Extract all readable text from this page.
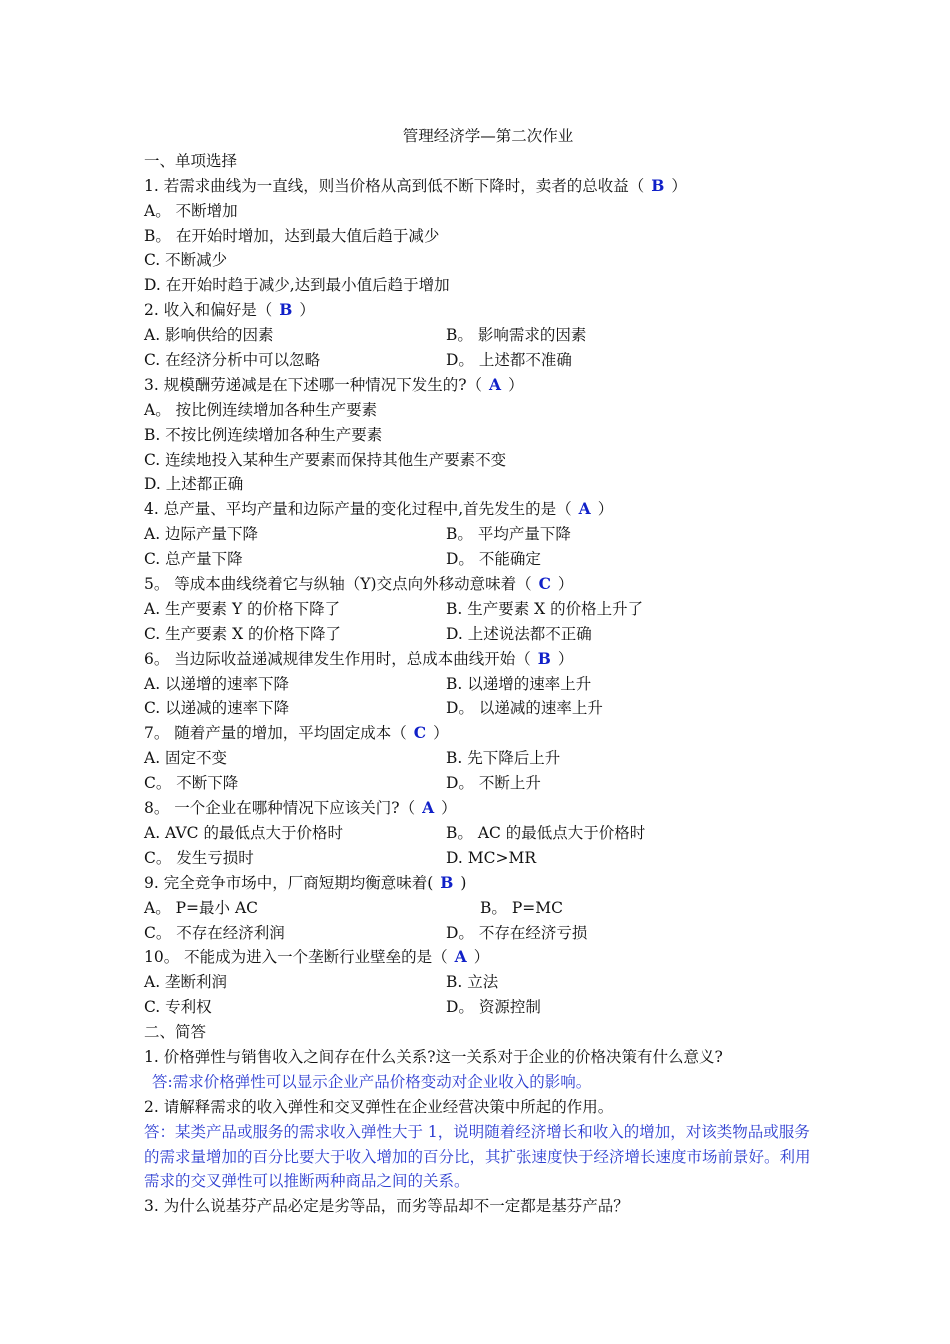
管理经济学—第二次作业
一、单项选择
1. 若需求曲线为一直线，则当价格从高到低不断下降时，卖者的总收益（ B ）
A。 不断增加
B。 在开始时增加，达到最大值后趋于减少
C. 不断减少
D. 在开始时趋于减少,达到最小值后趋于增加
2. 收入和偏好是（ B ）
A. 影响供给的因素	B。 影响需求的因素
C. 在经济分析中可以忽略	D。 上述都不准确
3. 规模酬劳递减是在下述哪一种情况下发生的?（ A ）
A。 按比例连续增加各种生产要素
B. 不按比例连续增加各种生产要素
C. 连续地投入某种生产要素而保持其他生产要素不变
D. 上述都正确
4. 总产量、平均产量和边际产量的变化过程中,首先发生的是（ A ）
A. 边际产量下降	B。 平均产量下降
C. 总产量下降	D。 不能确定
5。 等成本曲线绕着它与纵轴（Y)交点向外移动意味着（ C ）
A. 生产要素 Y 的价格下降了	B. 生产要素 X 的价格上升了
C. 生产要素 X 的价格下降了	D. 上述说法都不正确
6。 当边际收益递减规律发生作用时，总成本曲线开始（ B ）
A. 以递增的速率下降	B. 以递增的速率上升
C. 以递减的速率下降	D。 以递减的速率上升
7。 随着产量的增加，平均固定成本（ C ）
A. 固定不变	B. 先下降后上升
C。 不断下降	D。 不断上升
8。 一个企业在哪种情况下应该关门?（ A ）
A. AVC 的最低点大于价格时	B。 AC 的最低点大于价格时
C。 发生亏损时	D. MC>MR
9. 完全竞争市场中，厂商短期均衡意味着( B )
A。 P=最小 AC	B。 P=MC
C。 不存在经济利润	D。 不存在经济亏损
10。 不能成为进入一个垄断行业壁垒的是（ A ）
A. 垄断利润	B. 立法
C. 专利权	D。 资源控制
二、简答
1. 价格弹性与销售收入之间存在什么关系?这一关系对于企业的价格决策有什么意义?
答:需求价格弹性可以显示企业产品价格变动对企业收入的影响。
2. 请解释需求的收入弹性和交叉弹性在企业经营决策中所起的作用。
答：某类产品或服务的需求收入弹性大于 1，说明随着经济增长和收入的增加，对该类物品或服务的需求量增加的百分比要大于收入增加的百分比，其扩张速度快于经济增长速度市场前景好。利用需求的交叉弹性可以推断两种商品之间的关系。
3. 为什么说基芬产品必定是劣等品，而劣等品却不一定都是基芬产品？
